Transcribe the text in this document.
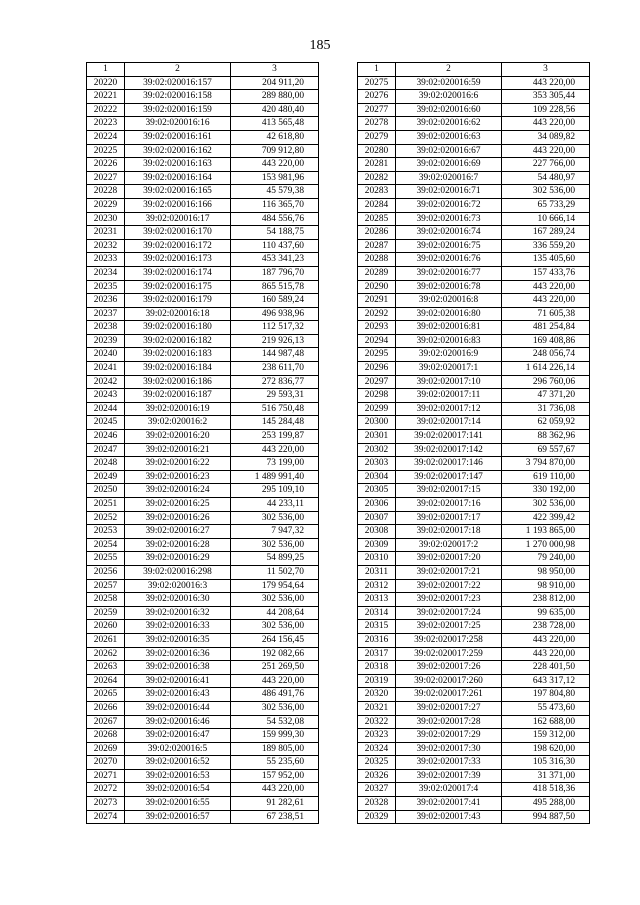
185
1	2	3
20220	39:02:020016:157	204 911,20
20221	39:02:020016:158	289 880,00
20222	39:02:020016:159	420 480,40
20223	39:02:020016:16	413 565,48
20224	39:02:020016:161	42 618,80
20225	39:02:020016:162	709 912,80
20226	39:02:020016:163	443 220,00
20227	39:02:020016:164	153 981,96
20228	39:02:020016:165	45 579,38
20229	39:02:020016:166	116 365,70
20230	39:02:020016:17	484 556,76
20231	39:02:020016:170	54 188,75
20232	39:02:020016:172	110 437,60
20233	39:02:020016:173	453 341,23
20234	39:02:020016:174	187 796,70
20235	39:02:020016:175	865 515,78
20236	39:02:020016:179	160 589,24
20237	39:02:020016:18	496 938,96
20238	39:02:020016:180	112 517,32
20239	39:02:020016:182	219 926,13
20240	39:02:020016:183	144 987,48
20241	39:02:020016:184	238 611,70
20242	39:02:020016:186	272 836,77
20243	39:02:020016:187	29 593,31
20244	39:02:020016:19	516 750,48
20245	39:02:020016:2	145 284,48
20246	39:02:020016:20	253 199,87
20247	39:02:020016:21	443 220,00
20248	39:02:020016:22	73 199,00
20249	39:02:020016:23	1 489 991,40
20250	39:02:020016:24	295 109,10
20251	39:02:020016:25	44 233,11
20252	39:02:020016:26	302 536,00
20253	39:02:020016:27	7 947,32
20254	39:02:020016:28	302 536,00
20255	39:02:020016:29	54 899,25
20256	39:02:020016:298	11 502,70
20257	39:02:020016:3	179 954,64
20258	39:02:020016:30	302 536,00
20259	39:02:020016:32	44 208,64
20260	39:02:020016:33	302 536,00
20261	39:02:020016:35	264 156,45
20262	39:02:020016:36	192 082,66
20263	39:02:020016:38	251 269,50
20264	39:02:020016:41	443 220,00
20265	39:02:020016:43	486 491,76
20266	39:02:020016:44	302 536,00
20267	39:02:020016:46	54 532,08
20268	39:02:020016:47	159 999,30
20269	39:02:020016:5	189 805,00
20270	39:02:020016:52	55 235,60
20271	39:02:020016:53	157 952,00
20272	39:02:020016:54	443 220,00
20273	39:02:020016:55	91 282,61
20274	39:02:020016:57	67 238,51
1	2	3
20275	39:02:020016:59	443 220,00
20276	39:02:020016:6	353 305,44
20277	39:02:020016:60	109 228,56
20278	39:02:020016:62	443 220,00
20279	39:02:020016:63	34 089,82
20280	39:02:020016:67	443 220,00
20281	39:02:020016:69	227 766,00
20282	39:02:020016:7	54 480,97
20283	39:02:020016:71	302 536,00
20284	39:02:020016:72	65 733,29
20285	39:02:020016:73	10 666,14
20286	39:02:020016:74	167 289,24
20287	39:02:020016:75	336 559,20
20288	39:02:020016:76	135 405,60
20289	39:02:020016:77	157 433,76
20290	39:02:020016:78	443 220,00
20291	39:02:020016:8	443 220,00
20292	39:02:020016:80	71 605,38
20293	39:02:020016:81	481 254,84
20294	39:02:020016:83	169 408,86
20295	39:02:020016:9	248 056,74
20296	39:02:020017:1	1 614 226,14
20297	39:02:020017:10	296 760,06
20298	39:02:020017:11	47 371,20
20299	39:02:020017:12	31 736,08
20300	39:02:020017:14	62 059,92
20301	39:02:020017:141	88 362,96
20302	39:02:020017:142	69 557,67
20303	39:02:020017:146	3 794 870,00
20304	39:02:020017:147	619 110,00
20305	39:02:020017:15	330 192,00
20306	39:02:020017:16	302 536,00
20307	39:02:020017:17	422 399,42
20308	39:02:020017:18	1 193 865,00
20309	39:02:020017:2	1 270 000,98
20310	39:02:020017:20	79 240,00
20311	39:02:020017:21	98 950,00
20312	39:02:020017:22	98 910,00
20313	39:02:020017:23	238 812,00
20314	39:02:020017:24	99 635,00
20315	39:02:020017:25	238 728,00
20316	39:02:020017:258	443 220,00
20317	39:02:020017:259	443 220,00
20318	39:02:020017:26	228 401,50
20319	39:02:020017:260	643 317,12
20320	39:02:020017:261	197 804,80
20321	39:02:020017:27	55 473,60
20322	39:02:020017:28	162 688,00
20323	39:02:020017:29	159 312,00
20324	39:02:020017:30	198 620,00
20325	39:02:020017:33	105 316,30
20326	39:02:020017:39	31 371,00
20327	39:02:020017:4	418 518,36
20328	39:02:020017:41	495 288,00
20329	39:02:020017:43	994 887,50
